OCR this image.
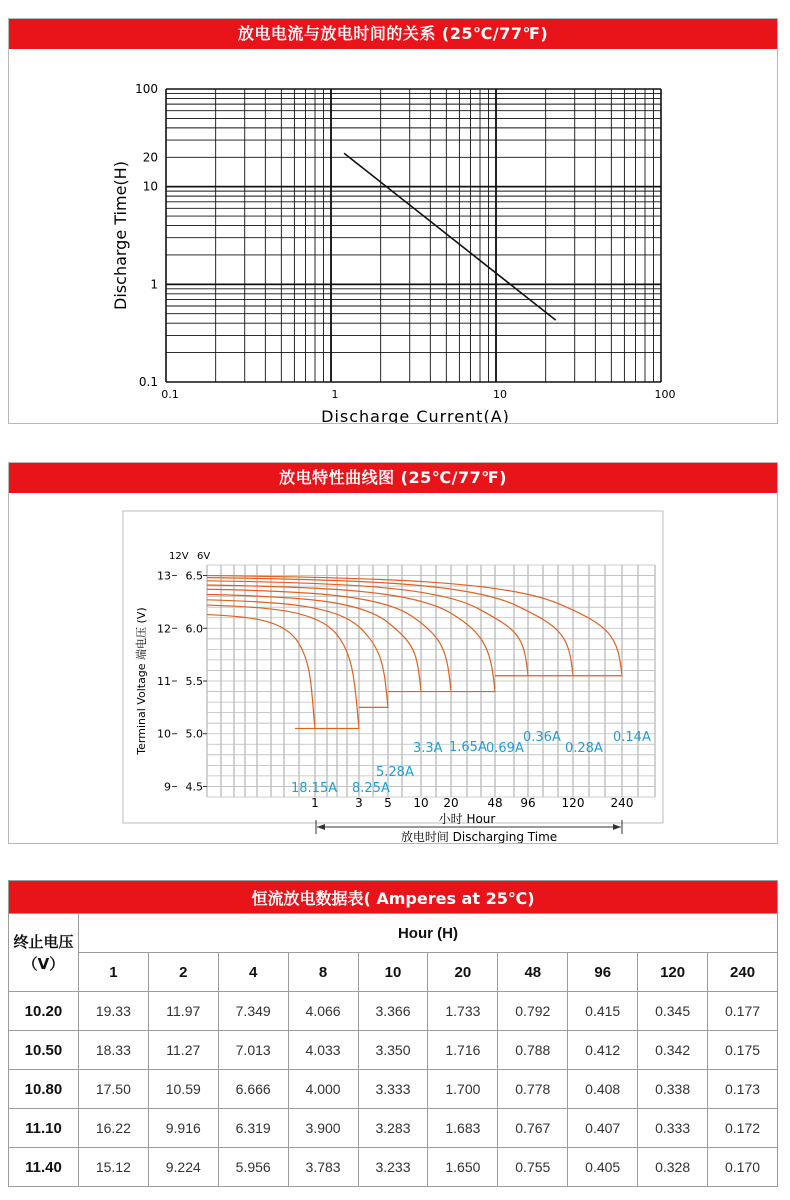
放电电流与放电时间的关系 (25℃/77℉)
0.1	1	10	100
0.1
1
10
20
100
Discharge Current(A)
Discharge Time(H)
放电特性曲线图 (25℃/77℉)
12V 6V
6.5
13
6.0
12
5.5
11
5.0
10
4.5
9
Terminal Voltage 端电压 (V)
1	3 5 10 20 48 96 120 240
小时 Hour
放电时间 Discharging Time
18.15A 8.25A
5.28A
3.3A 1.65A 0.69A
0.36A
0.28A
0.14A
恒流放电数据表( Amperes at 25℃)										

终止电压
（V）	Hour (H)									
	1	2	4	8	10	20	48	96	120	240
10.20	19.33	11.97	7.349	4.066	3.366	1.733	0.792	0.415	0.345	0.177
10.50	18.33	11.27	7.013	4.033	3.350	1.716	0.788	0.412	0.342	0.175
10.80	17.50	10.59	6.666	4.000	3.333	1.700	0.778	0.408	0.338	0.173
11.10	16.22	9.916	6.319	3.900	3.283	1.683	0.767	0.407	0.333	0.172
11.40	15.12	9.224	5.956	3.783	3.233	1.650	0.755	0.405	0.328	0.170
